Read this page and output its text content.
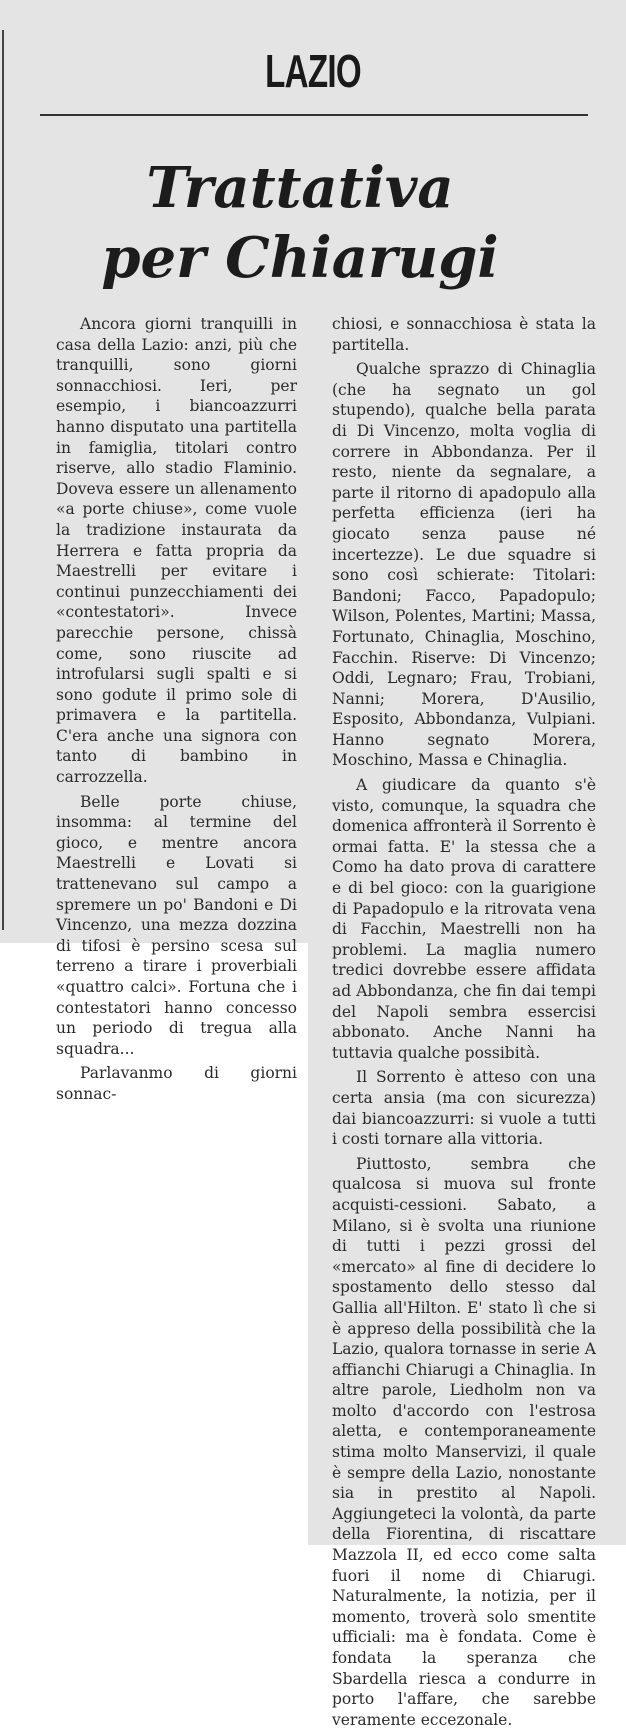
LAZIO
Trattativa
per Chiarugi

Ancora giorni tranquilli in casa della Lazio: anzi, più che tranquilli, sono giorni sonnacchiosi. Ieri, per esempio, i biancoazzurri hanno disputato una partitella in famiglia, titolari contro riserve, allo stadio Flaminio. Doveva essere un allenamento «a porte chiuse», come vuole la tradizione instaurata da Herrera e fatta propria da Maestrelli per evitare i continui punzecchiamenti dei «contestatori». Invece parecchie persone, chissà come, sono riuscite ad introfularsi sugli spalti e si sono godute il primo sole di primavera e la partitella. C'era anche una signora con tanto di bambino in carrozzella.

Belle porte chiuse, insomma: al termine del gioco, e mentre ancora Maestrelli e Lovati si trattenevano sul campo a spremere un po' Bandoni e Di Vincenzo, una mezza dozzina di tifosi è persino scesa sul terreno a tirare i proverbiali «quattro calci». Fortuna che i contestatori hanno concesso un periodo di tregua alla squadra...

Parlavanmo di giorni sonnac-

chiosi, e sonnacchiosa è stata la partitella.

Qualche sprazzo di Chinaglia (che ha segnato un gol stupendo), qualche bella parata di Di Vincenzo, molta voglia di correre in Abbondanza. Per il resto, niente da segnalare, a parte il ritorno di apadopulo alla perfetta efficienza (ieri ha giocato senza pause né incertezze). Le due squadre si sono così schierate: Titolari: Bandoni; Facco, Papadopulo; Wilson, Polentes, Martini; Massa, Fortunato, Chinaglia, Moschino, Facchin. Riserve: Di Vincenzo; Oddi, Legnaro; Frau, Trobiani, Nanni; Morera, D'Ausilio, Esposito, Abbondanza, Vulpiani. Hanno segnato Morera, Moschino, Massa e Chinaglia.

A giudicare da quanto s'è visto, comunque, la squadra che domenica affronterà il Sorrento è ormai fatta. E' la stessa che a Como ha dato prova di carattere e di bel gioco: con la guarigione di Papadopulo e la ritrovata vena di Facchin, Maestrelli non ha problemi. La maglia numero tredici dovrebbe essere affidata ad Abbondanza, che fin dai tempi del Napoli sembra essercisi abbonato. Anche Nanni ha tuttavia qualche possibità.

Il Sorrento è atteso con una certa ansia (ma con sicurezza) dai biancoazzurri: si vuole a tutti i costi tornare alla vittoria.

Piuttosto, sembra che qualcosa si muova sul fronte acquisti-cessioni. Sabato, a Milano, si è svolta una riunione di tutti i pezzi grossi del «mercato» al fine di decidere lo spostamento dello stesso dal Gallia all'Hilton. E' stato lì che si è appreso della possibilità che la Lazio, qualora tornasse in serie A affianchi Chiarugi a Chinaglia. In altre parole, Liedholm non va molto d'accordo con l'estrosa aletta, e contemporaneamente stima molto Manservizi, il quale è sempre della Lazio, nonostante sia in prestito al Napoli. Aggiungeteci la volontà, da parte della Fiorentina, di riscattare Mazzola II, ed ecco come salta fuori il nome di Chiarugi. Naturalmente, la notizia, per il momento, troverà solo smentite ufficiali: ma è fondata. Come è fondata la speranza che Sbardella riesca a condurre in porto l'affare, che sarebbe veramente eccezonale.
